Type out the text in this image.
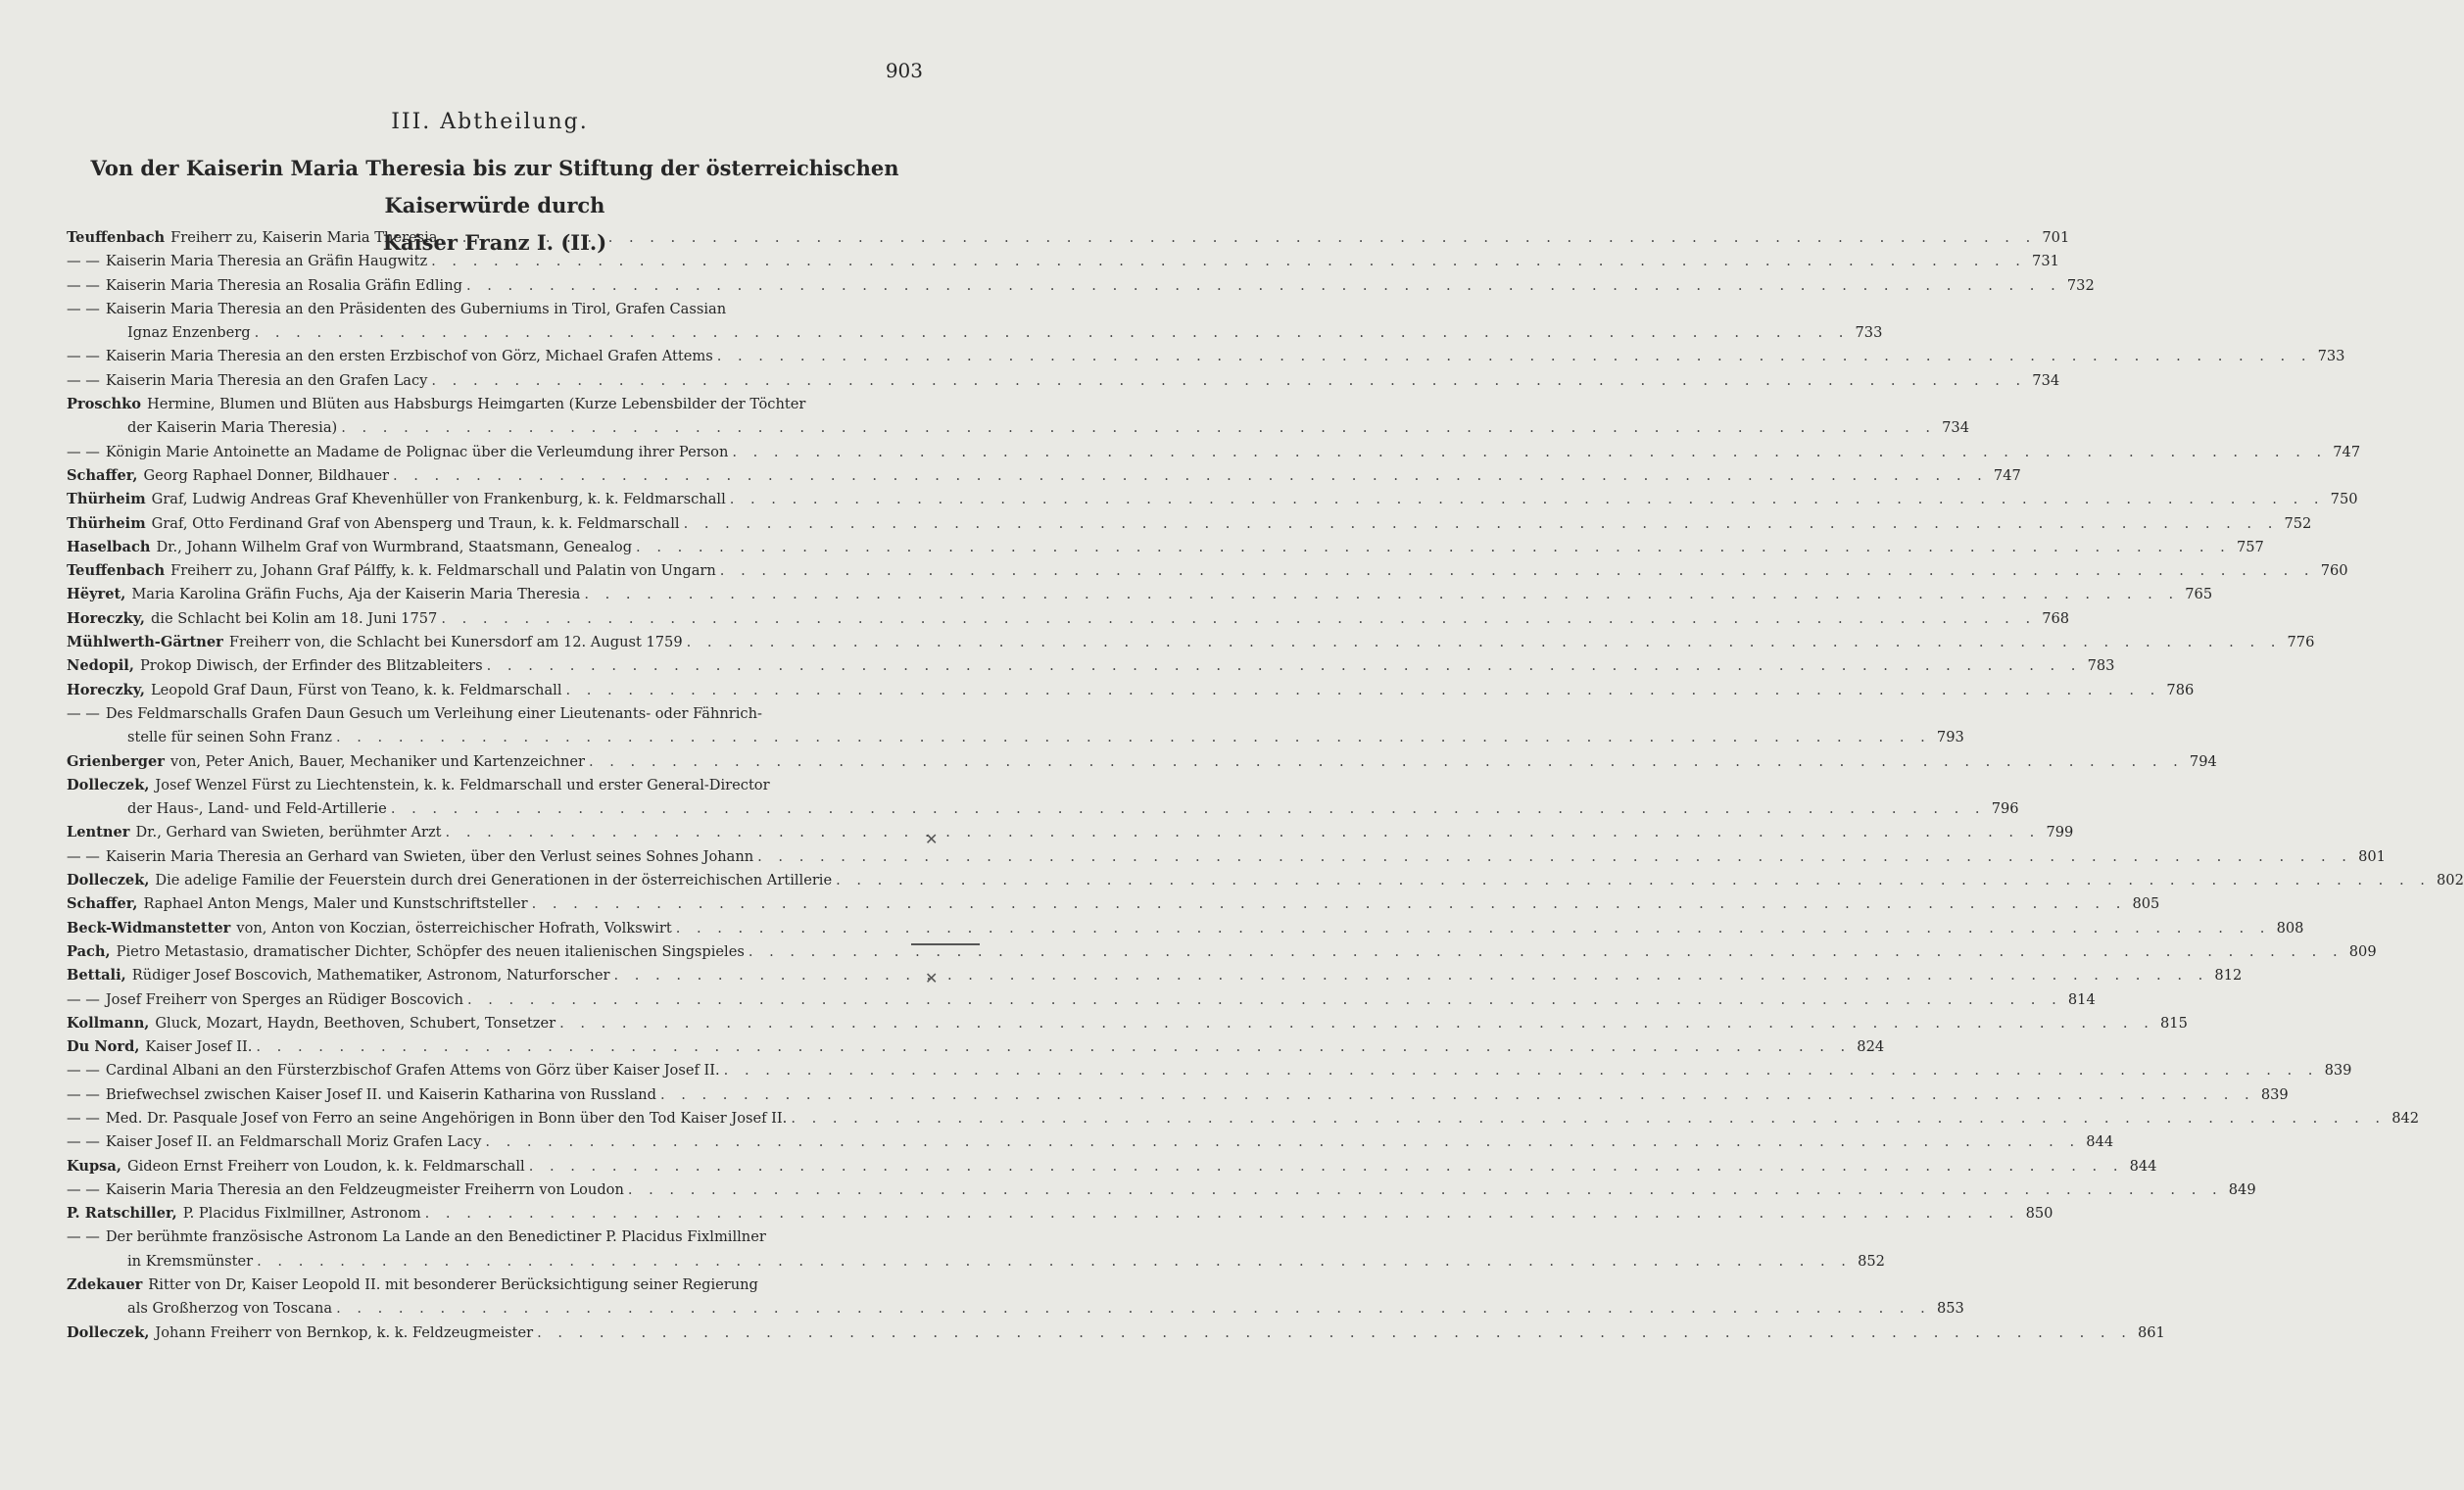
903
III. Abtheilung.
Von der Kaiserin Maria Theresia bis zur Stiftung der österreichischen Kaiserwürde durch
Kaiser Franz I. (II.)
Teuffenbach Freiherr zu, Kaiserin Maria Theresia . . .	701
— — Kaiserin Maria Theresia an Gräfin Haugwitz . . .	731
— — Kaiserin Maria Theresia an Rosalia Gräfin Edling . . .	732
— — Kaiserin Maria Theresia an den Präsidenten des Guberniums in Tirol, Grafen Cassian
Ignaz Enzenberg . . .	733
— — Kaiserin Maria Theresia an den ersten Erzbischof von Görz, Michael Grafen Attems . . .	733
— — Kaiserin Maria Theresia an den Grafen Lacy . . .	734
Proschko Hermine, Blumen und Blüten aus Habsburgs Heimgarten (Kurze Lebensbilder der Töchter
der Kaiserin Maria Theresia) . . .	734
— — Königin Marie Antoinette an Madame de Polignac über die Verleumdung ihrer Person . . .	747
Schaffer, Georg Raphael Donner, Bildhauer . . .	747
Thürheim Graf, Ludwig Andreas Graf Khevenhüller von Frankenburg, k. k. Feldmarschall . . .	750
Thürheim Graf, Otto Ferdinand Graf von Abensperg und Traun, k. k. Feldmarschall . . .	752
Haselbach Dr., Johann Wilhelm Graf von Wurmbrand, Staatsmann, Genealog . . .	757
Teuffenbach Freiherr zu, Johann Graf Pálffy, k. k. Feldmarschall und Palatin von Ungarn . . .	760
Hëyret, Maria Karolina Gräfin Fuchs, Aja der Kaiserin Maria Theresia . . .	765
Horeczky, die Schlacht bei Kolin am 18. Juni 1757 . . .	768
Mühlwerth-Gärtner Freiherr von, die Schlacht bei Kunersdorf am 12. August 1759 . . .	776
Nedopil, Prokop Diwisch, der Erfinder des Blitzableiters . . .	783
Horeczky, Leopold Graf Daun, Fürst von Teano, k. k. Feldmarschall . . .	786
— — Des Feldmarschalls Grafen Daun Gesuch um Verleihung einer Lieutenants- oder Fähnrich-
stelle für seinen Sohn Franz . . .	793
Grienberger von, Peter Anich, Bauer, Mechaniker und Kartenzeichner . . .	794
Dolleczek, Josef Wenzel Fürst zu Liechtenstein, k. k. Feldmarschall und erster General-Director
der Haus-, Land- und Feld-Artillerie . . .	796
Lentner Dr., Gerhard van Swieten, berühmter Arzt . . .	799
— — Kaiserin Maria Theresia an Gerhard van Swieten, über den Verlust seines Sohnes Johann . . .	801
Dolleczek, Die adelige Familie der Feuerstein durch drei Generationen in der österreichischen Artillerie . . .	802
Schaffer, Raphael Anton Mengs, Maler und Kunstschriftsteller . . .	805
Beck-Widmanstetter von, Anton von Koczian, österreichischer Hofrath, Volkswirt . . .	808
Pach, Pietro Metastasio, dramatischer Dichter, Schöpfer des neuen italienischen Singspieles . . .	809
Bettali, Rüdiger Josef Boscovich, Mathematiker, Astronom, Naturforscher . . .	812
— — Josef Freiherr von Sperges an Rüdiger Boscovich . . .	814
Kollmann, Gluck, Mozart, Haydn, Beethoven, Schubert, Tonsetzer . . .	815
Du Nord, Kaiser Josef II. . . .	824
— — Cardinal Albani an den Fürsterzbischof Grafen Attems von Görz über Kaiser Josef II. . . .	839
— — Briefwechsel zwischen Kaiser Josef II. und Kaiserin Katharina von Russland . . .	839
— — Med. Dr. Pasquale Josef von Ferro an seine Angehörigen in Bonn über den Tod Kaiser Josef II. . . .	842
— — Kaiser Josef II. an Feldmarschall Moriz Grafen Lacy . . .	844
Kupsa, Gideon Ernst Freiherr von Loudon, k. k. Feldmarschall . . .	844
— — Kaiserin Maria Theresia an den Feldzeugmeister Freiherrn von Loudon . . .	849
P. Ratschiller, P. Placidus Fixlmillner, Astronom . . .	850
— — Der berühmte französische Astronom La Lande an den Benedictiner P. Placidus Fixlmillner
in Kremsmünster . . .	852
Zdekauer Ritter von Dr, Kaiser Leopold II. mit besonderer Berücksichtigung seiner Regierung
als Großherzog von Toscana . . .	853
Dolleczek, Johann Freiherr von Bernkop, k. k. Feldzeugmeister . . .	861
✕
✕
